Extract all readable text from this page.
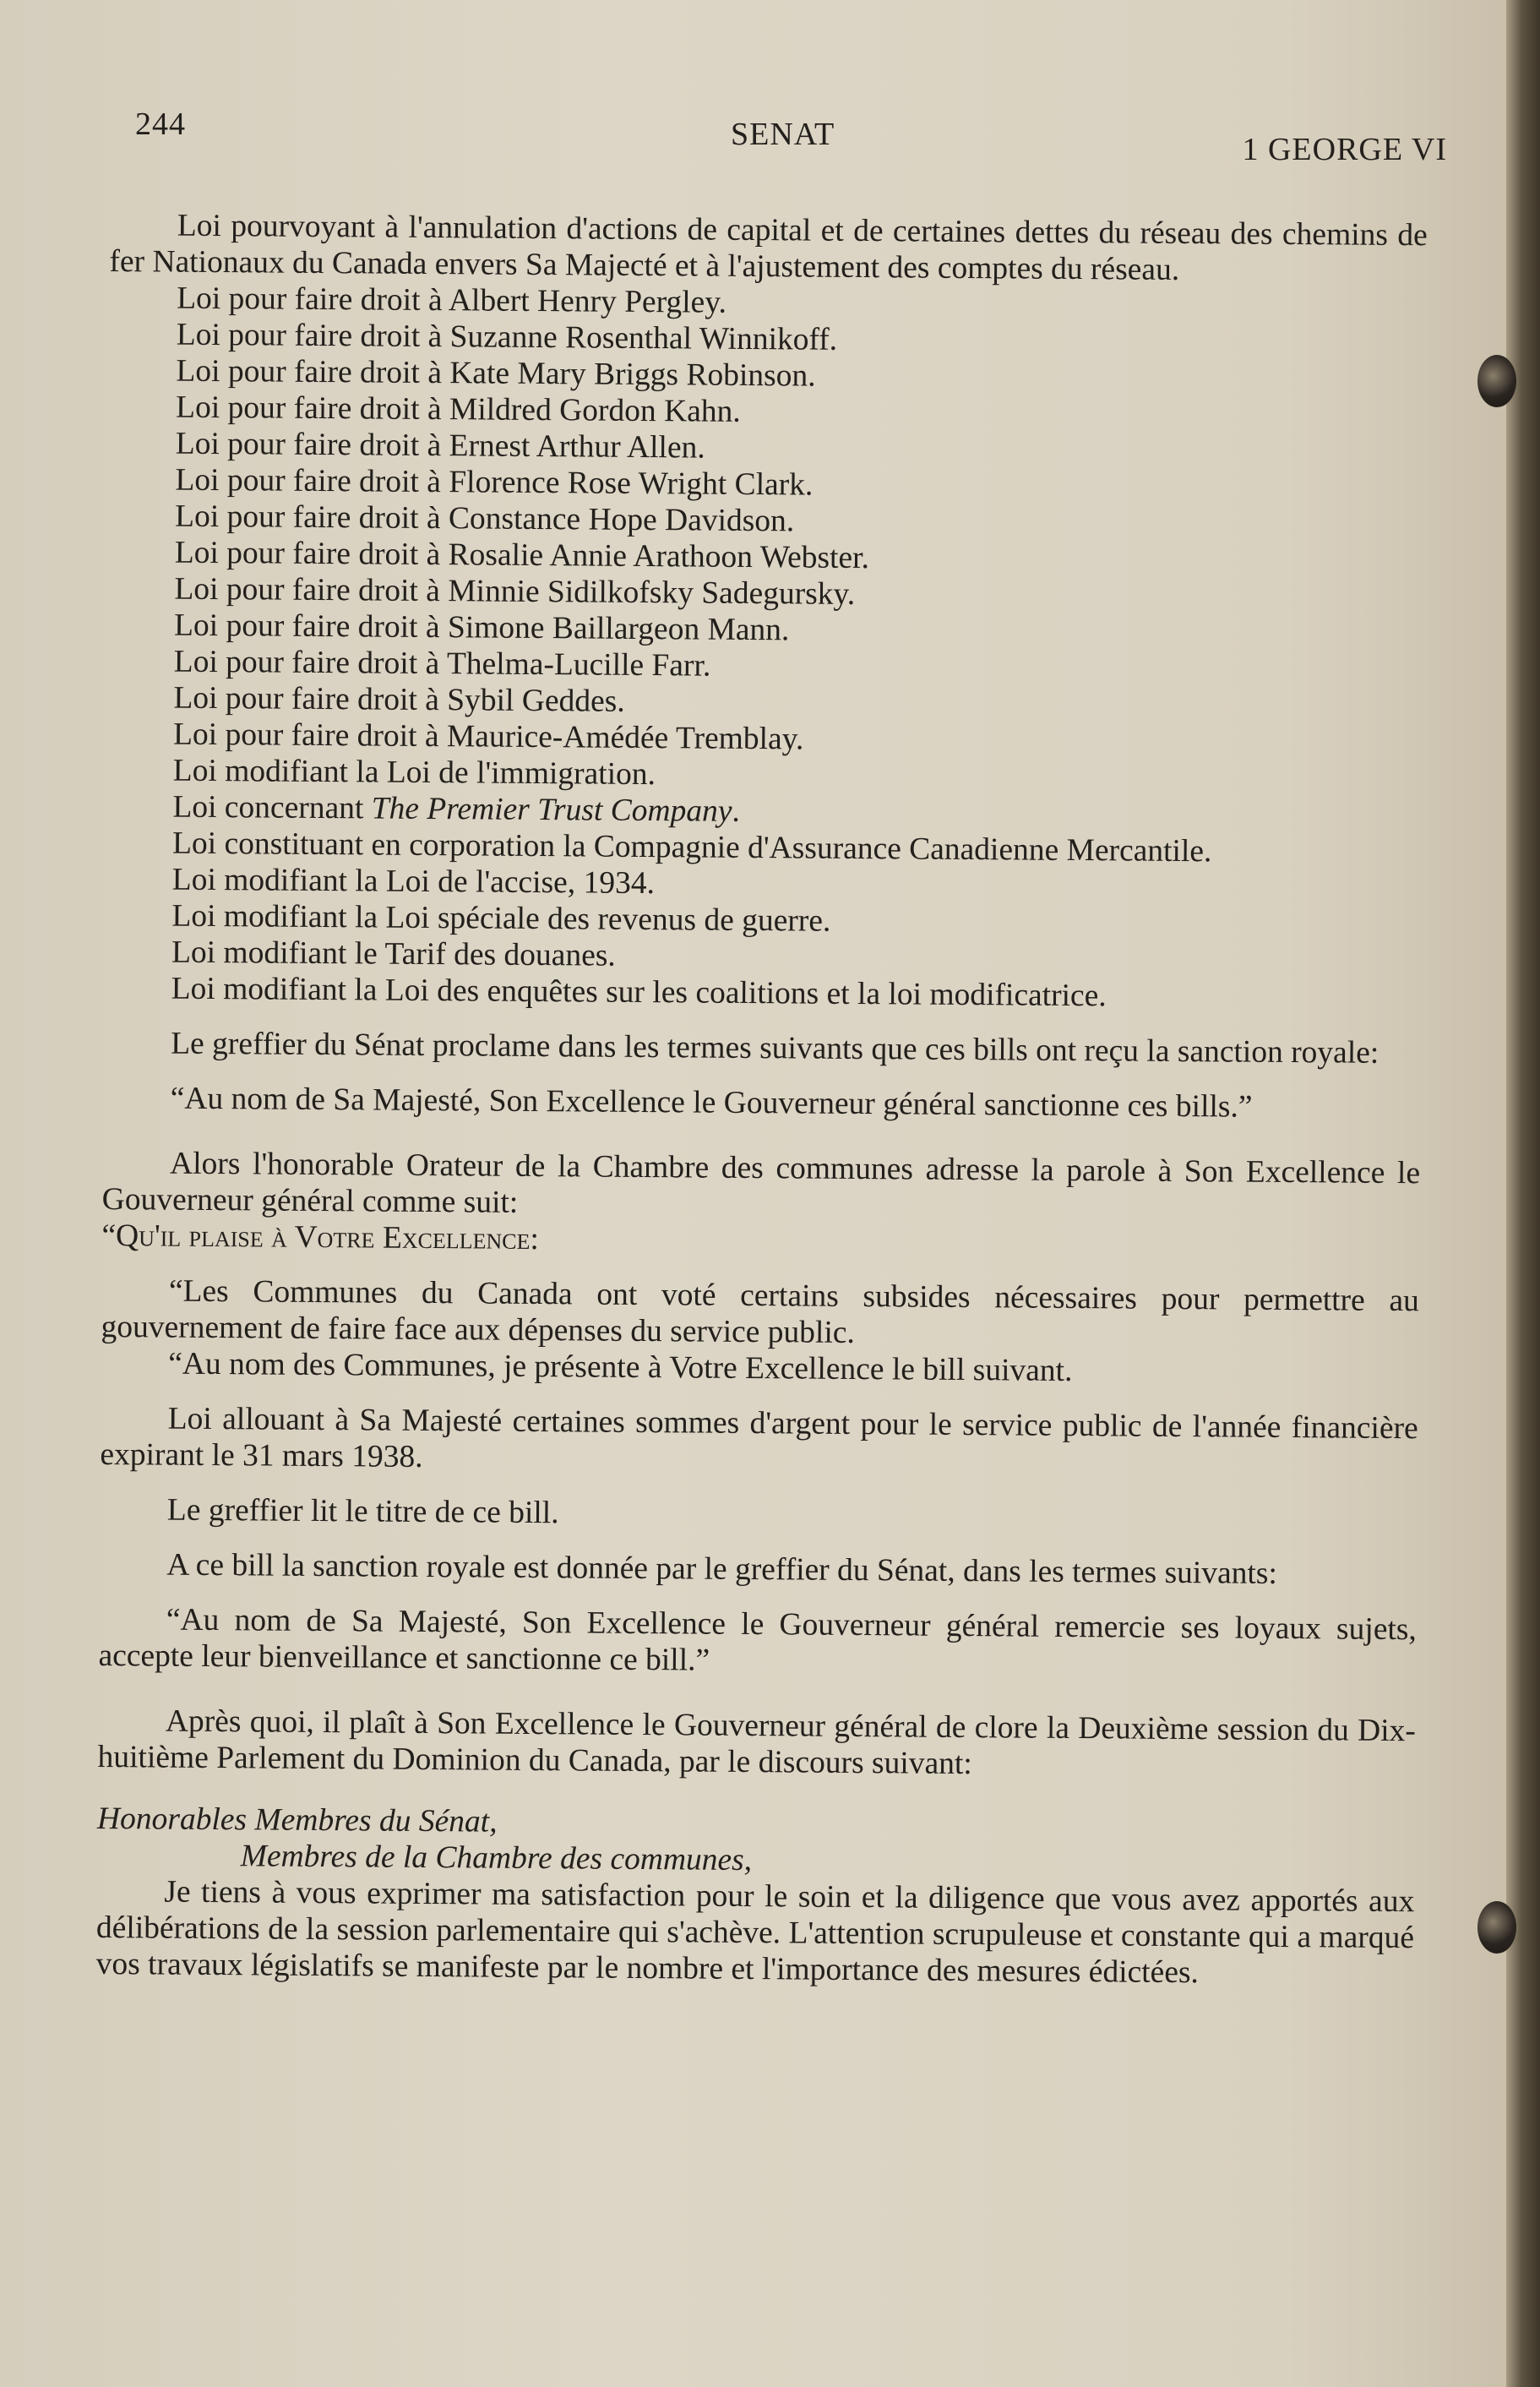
244	SENAT	1 GEORGE VI

Loi pourvoyant à l'annulation d'actions de capital et de certaines dettes du réseau des chemins de fer Nationaux du Canada envers Sa Majecté et à l'ajustement des comptes du réseau.

Loi pour faire droit à Albert Henry Pergley.

Loi pour faire droit à Suzanne Rosenthal Winnikoff.

Loi pour faire droit à Kate Mary Briggs Robinson.

Loi pour faire droit à Mildred Gordon Kahn.

Loi pour faire droit à Ernest Arthur Allen.

Loi pour faire droit à Florence Rose Wright Clark.

Loi pour faire droit à Constance Hope Davidson.

Loi pour faire droit à Rosalie Annie Arathoon Webster.

Loi pour faire droit à Minnie Sidilkofsky Sadegursky.

Loi pour faire droit à Simone Baillargeon Mann.

Loi pour faire droit à Thelma-Lucille Farr.

Loi pour faire droit à Sybil Geddes.

Loi pour faire droit à Maurice-Amédée Tremblay.

Loi modifiant la Loi de l'immigration.

Loi concernant The Premier Trust Company.

Loi constituant en corporation la Compagnie d'Assurance Canadienne Mercantile.

Loi modifiant la Loi de l'accise, 1934.

Loi modifiant la Loi spéciale des revenus de guerre.

Loi modifiant le Tarif des douanes.

Loi modifiant la Loi des enquêtes sur les coalitions et la loi modificatrice.

Le greffier du Sénat proclame dans les termes suivants que ces bills ont reçu la sanction royale:

“Au nom de Sa Majesté, Son Excellence le Gouverneur général sanctionne ces bills.”

Alors l'honorable Orateur de la Chambre des communes adresse la parole à Son Excellence le Gouverneur général comme suit:

“Qu'il plaise à Votre Excellence:

“Les Communes du Canada ont voté certains subsides nécessaires pour permettre au gouvernement de faire face aux dépenses du service public.

“Au nom des Communes, je présente à Votre Excellence le bill suivant.

Loi allouant à Sa Majesté certaines sommes d'argent pour le service public de l'année financière expirant le 31 mars 1938.

Le greffier lit le titre de ce bill.

A ce bill la sanction royale est donnée par le greffier du Sénat, dans les termes suivants:

“Au nom de Sa Majesté, Son Excellence le Gouverneur général remercie ses loyaux sujets, accepte leur bienveillance et sanctionne ce bill.”

Après quoi, il plaît à Son Excellence le Gouverneur général de clore la Deuxième session du Dix-huitième Parlement du Dominion du Canada, par le discours suivant:

Honorables Membres du Sénat,

Membres de la Chambre des communes,

Je tiens à vous exprimer ma satisfaction pour le soin et la diligence que vous avez apportés aux délibérations de la session parlementaire qui s'achève. L'attention scrupuleuse et constante qui a marqué vos travaux législatifs se manifeste par le nombre et l'importance des mesures édictées.
